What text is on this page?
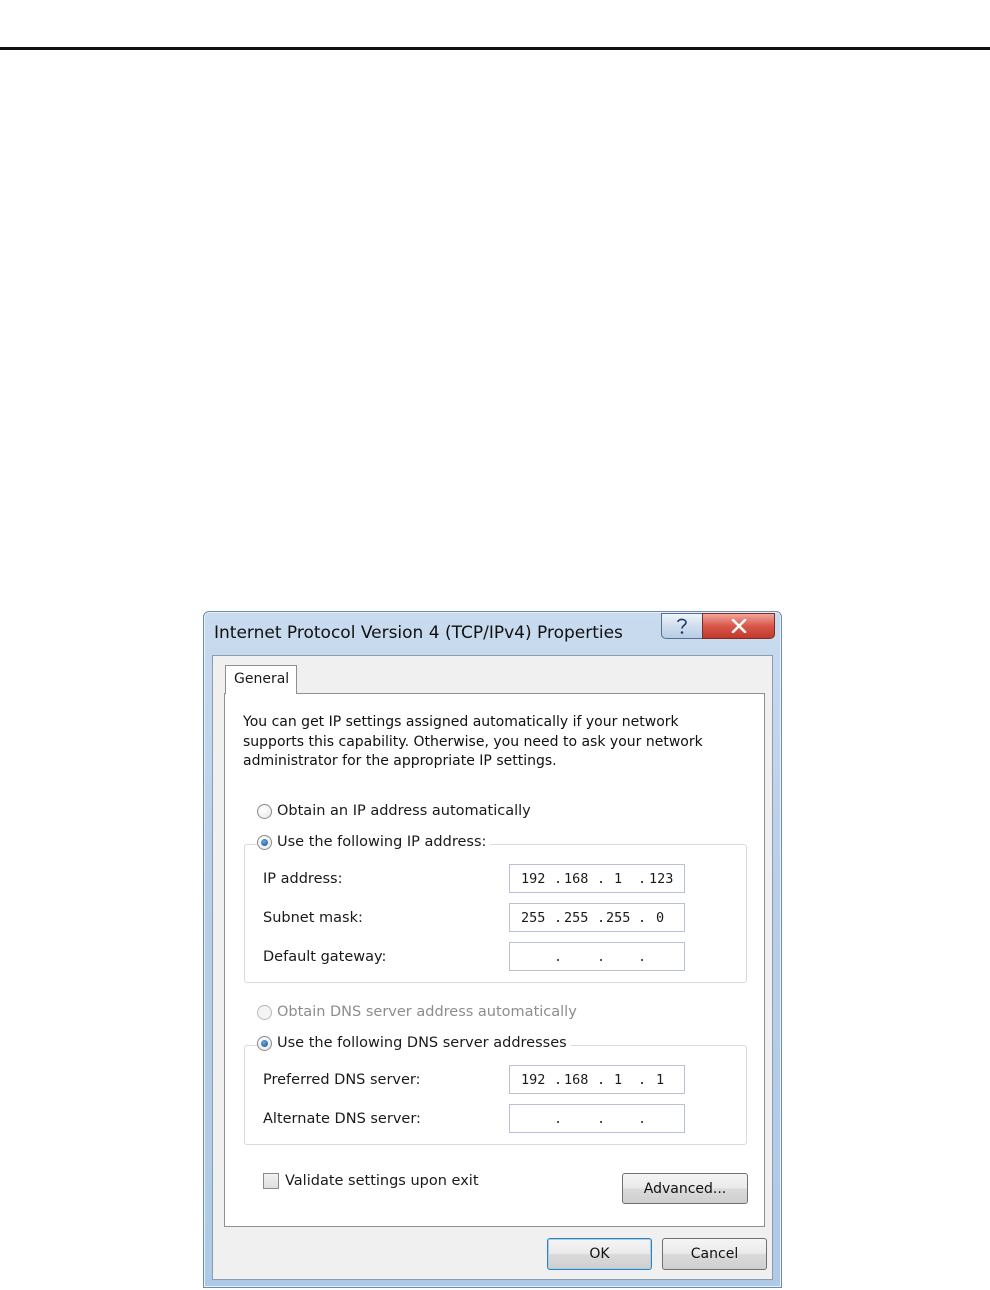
Internet Protocol Version 4 (TCP/IPv4) Properties
General
You can get IP settings assigned automatically if your network supports this capability. Otherwise, you need to ask your network administrator for the appropriate IP settings.
Obtain an IP address automatically
Use the following IP address:
IP address:	192 . 168 . 1 . 123
Subnet mask:	255 . 255 . 255 . 0
Default gateway:	.	. .
Obtain DNS server address automatically
Use the following DNS server addresses
Preferred DNS server:	192 . 168 . 1 . 1
Alternate DNS server:	.	. .
Validate settings upon exit	Advanced...
OK	Cancel
